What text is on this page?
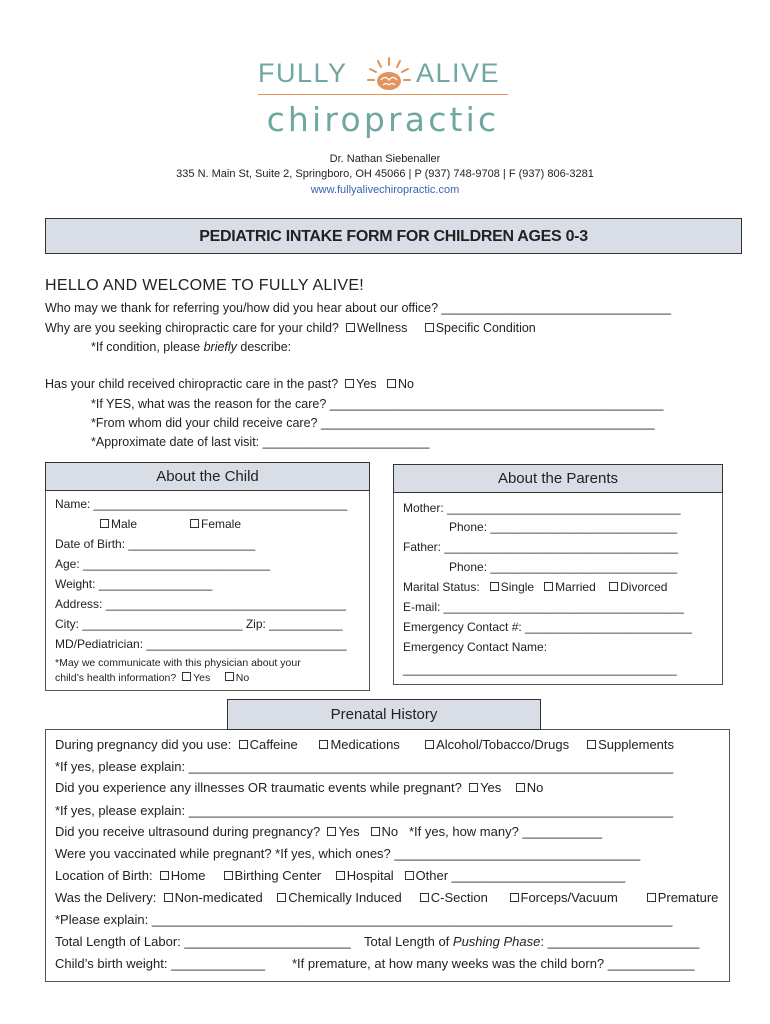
FULLY	ALIVE
chiropractic
Dr. Nathan Siebenaller
335 N. Main St, Suite 2, Springboro, OH 45066 | P (937) 748-9708 | F (937) 806-3281
www.fullyalivechiropractic.com
PEDIATRIC INTAKE FORM FOR CHILDREN AGES 0-3
HELLO AND WELCOME TO FULLY ALIVE!
Who may we thank for referring you/how did you hear about our office? _________________________________
Why are you seeking chiropractic care for your child? Wellness Specific Condition
*If condition, please briefly describe:
Has your child received chiropractic care in the past? Yes No
*If YES, what was the reason for the care? ________________________________________________
*From whom did your child receive care? ________________________________________________
*Approximate date of last visit: ________________________
About the Child
Name: ______________________________________
Male	Female
Date of Birth: ___________________
Age: ____________________________
Weight: _________________
Address: ____________________________________
City: ________________________ Zip: ___________
MD/Pediatrician: ______________________________
*May we communicate with this physician about your
child’s health information? Yes No
About the Parents
Mother: ___________________________________
Phone: ____________________________
Father: ___________________________________
Phone: ____________________________
Marital Status: Single Married Divorced
E-mail: ____________________________________
Emergency Contact #: _________________________
Emergency Contact Name:
_________________________________________
Prenatal History
During pregnancy did you use: Caffeine	Medications	Alcohol/Tobacco/Drugs Supplements
*If yes, please explain: ___________________________________________________________________
Did you experience any illnesses OR traumatic events while pregnant? Yes No
*If yes, please explain: ___________________________________________________________________
Did you receive ultrasound during pregnancy? Yes No *If yes, how many? ___________
Were you vaccinated while pregnant? *If yes, which ones? __________________________________
Location of Birth: Home Birthing Center Hospital Other ________________________
Was the Delivery: Non-medicated Chemically Induced C-Section	Forceps/Vacuum	Premature
*Please explain: ________________________________________________________________________
Total Length of Labor: _______________________ Total Length of Pushing Phase: _____________________
Child’s birth weight: _____________ *If premature, at how many weeks was the child born? ____________
